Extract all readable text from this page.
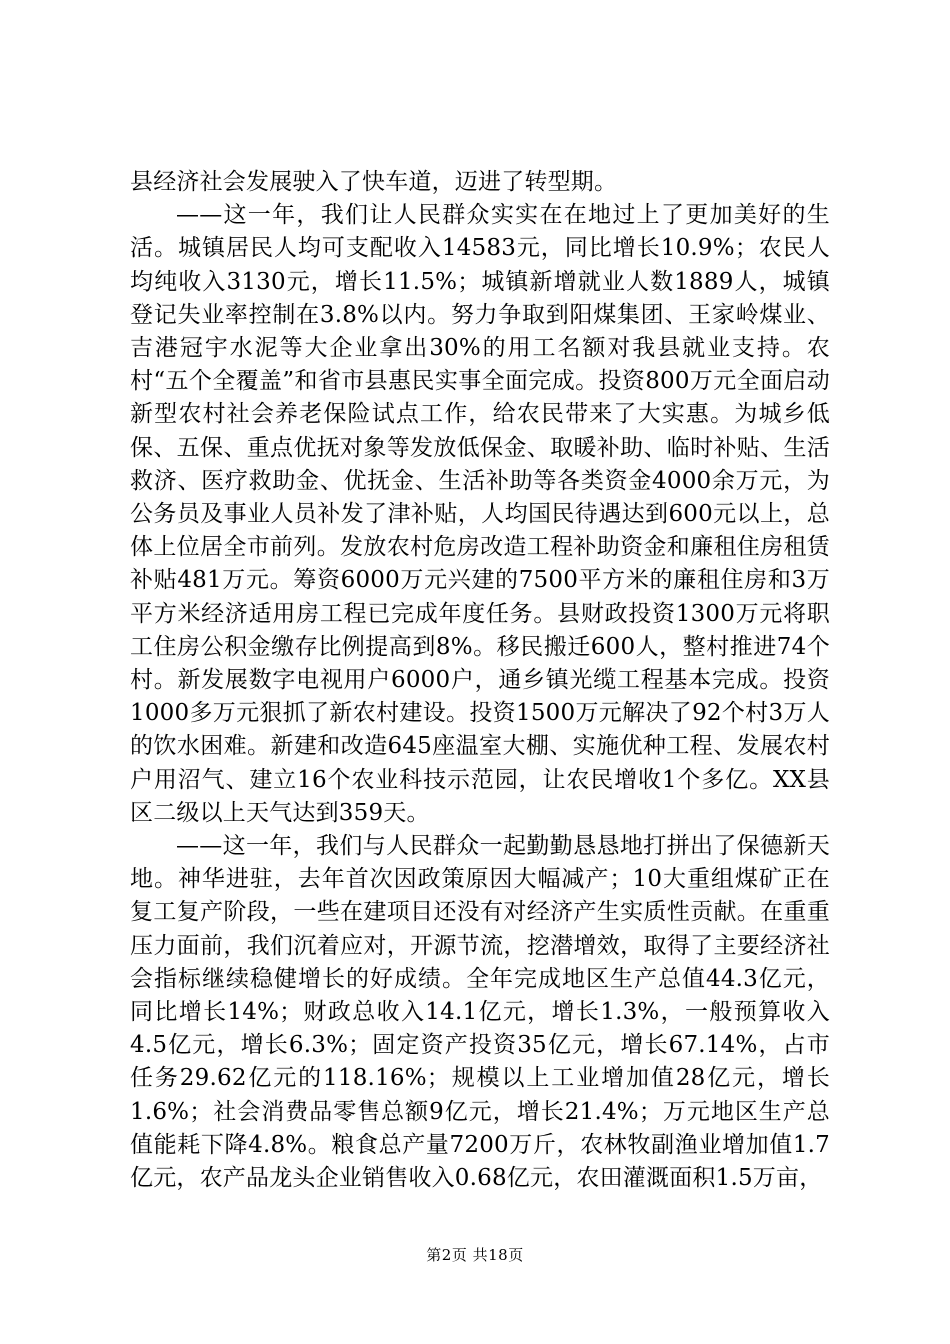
县经济社会发展驶入了快车道，迈进了转型期。

——这一年，我们让人民群众实实在在地过上了更加美好的生活。城镇居民人均可支配收入14583元，同比增长10.9%；农民人均纯收入3130元，增长11.5%；城镇新增就业人数1889人，城镇登记失业率控制在3.8%以内。努力争取到阳煤集团、王家岭煤业、吉港冠宇水泥等大企业拿出30%的用工名额对我县就业支持。农村“五个全覆盖”和省市县惠民实事全面完成。投资800万元全面启动新型农村社会养老保险试点工作，给农民带来了大实惠。为城乡低保、五保、重点优抚对象等发放低保金、取暖补助、临时补贴、生活救济、医疗救助金、优抚金、生活补助等各类资金4000余万元，为公务员及事业人员补发了津补贴，人均国民待遇达到600元以上，总体上位居全市前列。发放农村危房改造工程补助资金和廉租住房租赁补贴481万元。筹资6000万元兴建的7500平方米的廉租住房和3万平方米经济适用房工程已完成年度任务。县财政投资1300万元将职工住房公积金缴存比例提高到8%。移民搬迁600人，整村推进74个村。新发展数字电视用户6000户，通乡镇光缆工程基本完成。投资1000多万元狠抓了新农村建设。投资1500万元解决了92个村3万人的饮水困难。新建和改造645座温室大棚、实施优种工程、发展农村户用沼气、建立16个农业科技示范园，让农民增收1个多亿。XX县区二级以上天气达到359天。

——这一年，我们与人民群众一起勤勤恳恳地打拼出了保德新天地。神华进驻，去年首次因政策原因大幅减产；10大重组煤矿正在复工复产阶段，一些在建项目还没有对经济产生实质性贡献。在重重压力面前，我们沉着应对，开源节流，挖潜增效，取得了主要经济社会指标继续稳健增长的好成绩。全年完成地区生产总值44.3亿元，同比增长14%；财政总收入14.1亿元，增长1.3%，一般预算收入4.5亿元，增长6.3%；固定资产投资35亿元，增长67.14%，占市任务29.62亿元的118.16%；规模以上工业增加值28亿元，增长1.6%；社会消费品零售总额9亿元，增长21.4%；万元地区生产总值能耗下降4.8%。粮食总产量7200万斤，农林牧副渔业增加值1.7亿元，农产品龙头企业销售收入0.68亿元，农田灌溉面积1.5万亩，

第2页 共18页
